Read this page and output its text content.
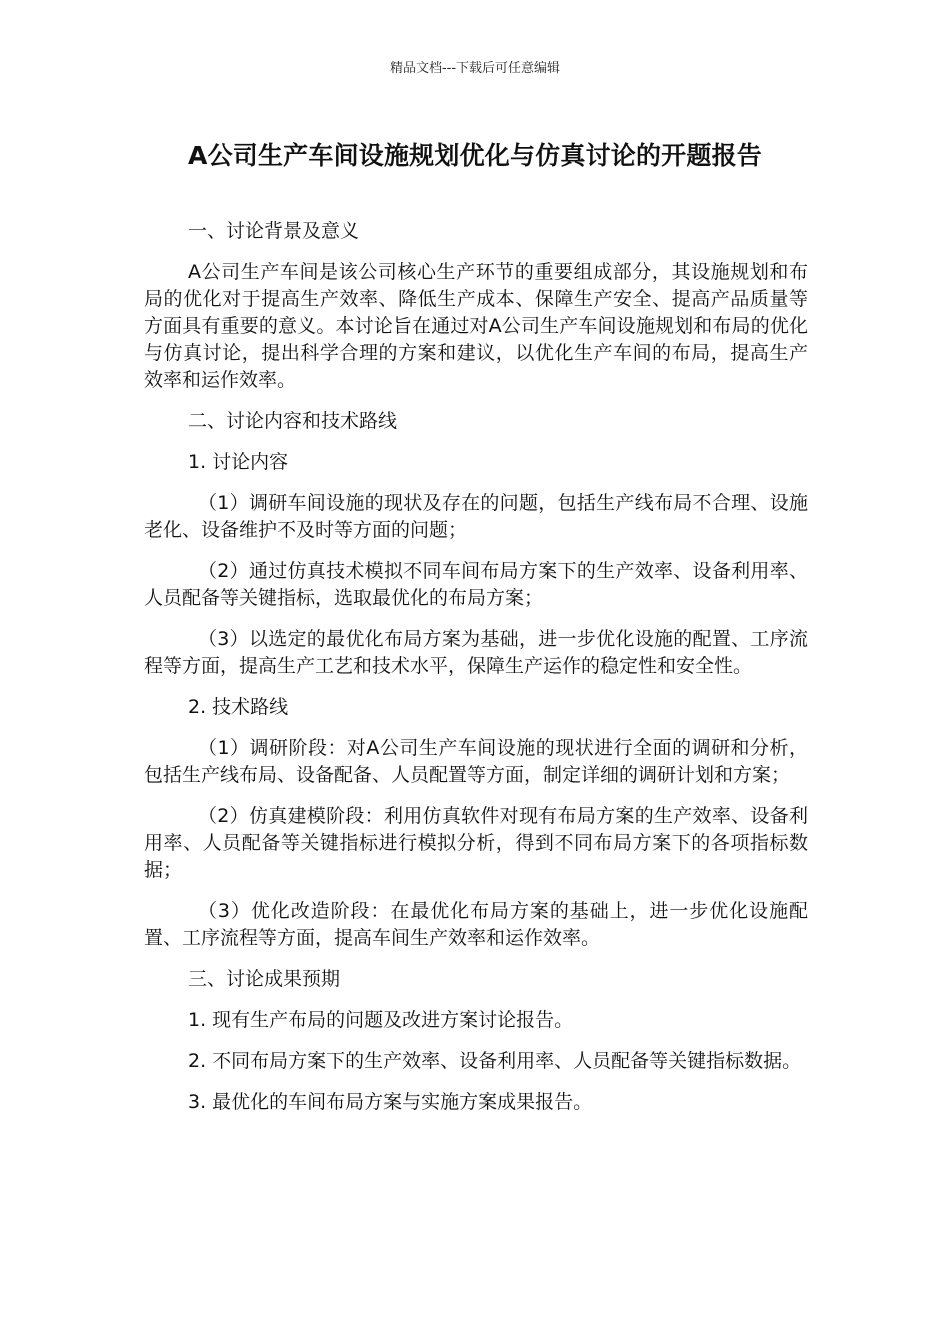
精品文档---下载后可任意编辑
A公司生产车间设施规划优化与仿真讨论的开题报告

一、讨论背景及意义

A公司生产车间是该公司核心生产环节的重要组成部分，其设施规划和布局的优化对于提高生产效率、降低生产成本、保障生产安全、提高产品质量等方面具有重要的意义。本讨论旨在通过对A公司生产车间设施规划和布局的优化与仿真讨论，提出科学合理的方案和建议，以优化生产车间的布局，提高生产效率和运作效率。

二、讨论内容和技术路线

1. 讨论内容

（1）调研车间设施的现状及存在的问题，包括生产线布局不合理、设施老化、设备维护不及时等方面的问题；

（2）通过仿真技术模拟不同车间布局方案下的生产效率、设备利用率、人员配备等关键指标，选取最优化的布局方案；

（3）以选定的最优化布局方案为基础，进一步优化设施的配置、工序流程等方面，提高生产工艺和技术水平，保障生产运作的稳定性和安全性。

2. 技术路线

（1）调研阶段：对A公司生产车间设施的现状进行全面的调研和分析，包括生产线布局、设备配备、人员配置等方面，制定详细的调研计划和方案；

（2）仿真建模阶段：利用仿真软件对现有布局方案的生产效率、设备利用率、人员配备等关键指标进行模拟分析，得到不同布局方案下的各项指标数据；

（3）优化改造阶段：在最优化布局方案的基础上，进一步优化设施配置、工序流程等方面，提高车间生产效率和运作效率。

三、讨论成果预期

1. 现有生产布局的问题及改进方案讨论报告。

2. 不同布局方案下的生产效率、设备利用率、人员配备等关键指标数据。

3. 最优化的车间布局方案与实施方案成果报告。
